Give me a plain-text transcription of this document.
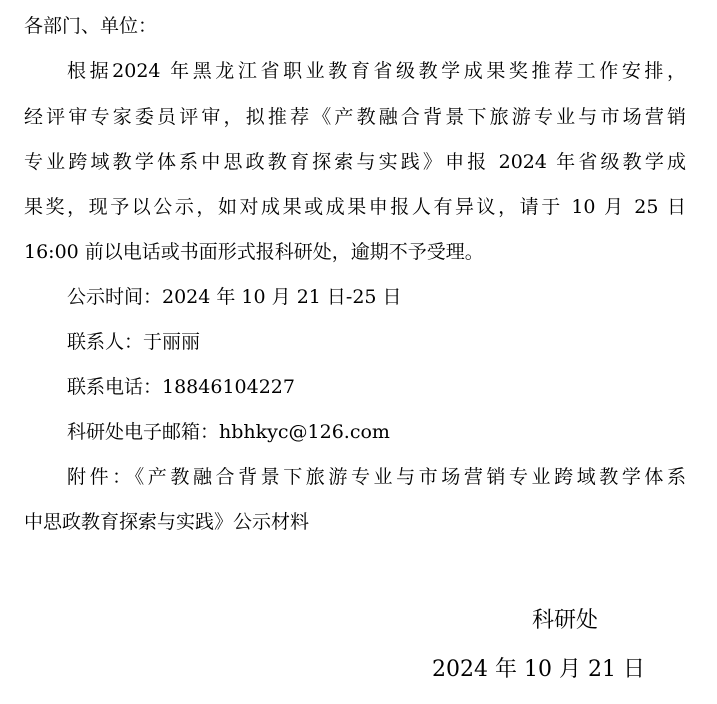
各部门、单位：
根据2024 年黑龙江省职业教育省级教学成果奖推荐工作安排，
经评审专家委员评审，拟推荐《产教融合背景下旅游专业与市场营销
专业跨域教学体系中思政教育探索与实践》申报 2024 年省级教学成
果奖，现予以公示，如对成果或成果申报人有异议，请于 10 月 25 日
16:00 前以电话或书面形式报科研处，逾期不予受理。
公示时间：2024 年 10 月 21 日-25 日
联系人：于丽丽
联系电话：18846104227
科研处电子邮箱：hbhkyc@126.com
附件：《产教融合背景下旅游专业与市场营销专业跨域教学体系
中思政教育探索与实践》公示材料
科研处
2024 年 10 月 21 日
